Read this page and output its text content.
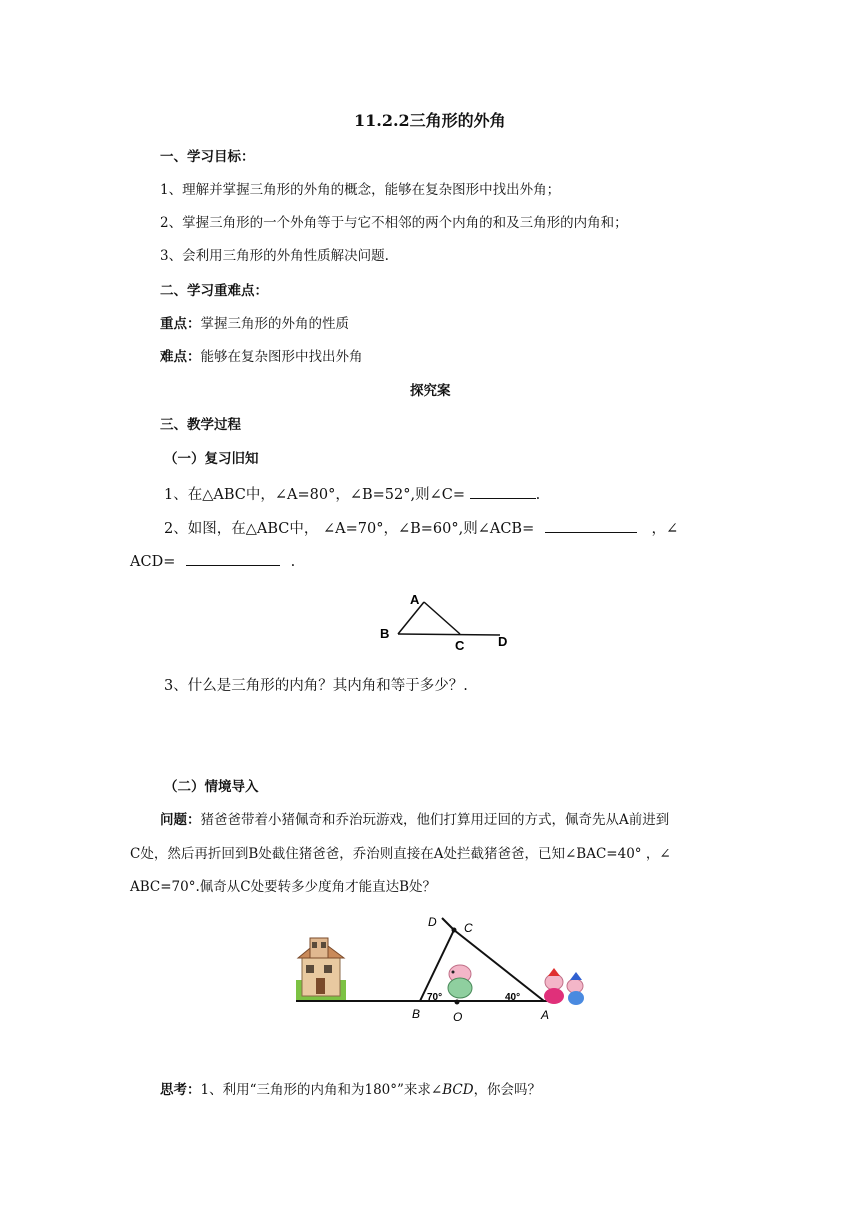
11.2.2三角形的外角
一、学习目标：
1、理解并掌握三角形的外角的概念，能够在复杂图形中找出外角；
2、掌握三角形的一个外角等于与它不相邻的两个内角的和及三角形的内角和；
3、会利用三角形的外角性质解决问题.
二、学习重难点：
重点：掌握三角形的外角的性质
难点：能够在复杂图形中找出外角
探究案
三、教学过程
（一）复习旧知
1、在△ABC中，∠A=80°，∠B=52°,则∠C=	.
2、如图，在△ABC中， ∠A=70°，∠B=60°,则∠ACB=	，∠
ACD=	.
A
B
C	D
3、什么是三角形的内角？其内角和等于多少？.
（二）情境导入
问题：猪爸爸带着小猪佩奇和乔治玩游戏，他们打算用迂回的方式，佩奇先从A前进到
C处，然后再折回到B处截住猪爸爸，乔治则直接在A处拦截猪爸爸，已知∠BAC=40° ，∠
ABC=70°.佩奇从C处要转多少度角才能直达B处？
D C
B	O	A
70°	40°
思考：1、利用“三角形的内角和为180°”来求∠BCD，你会吗？
